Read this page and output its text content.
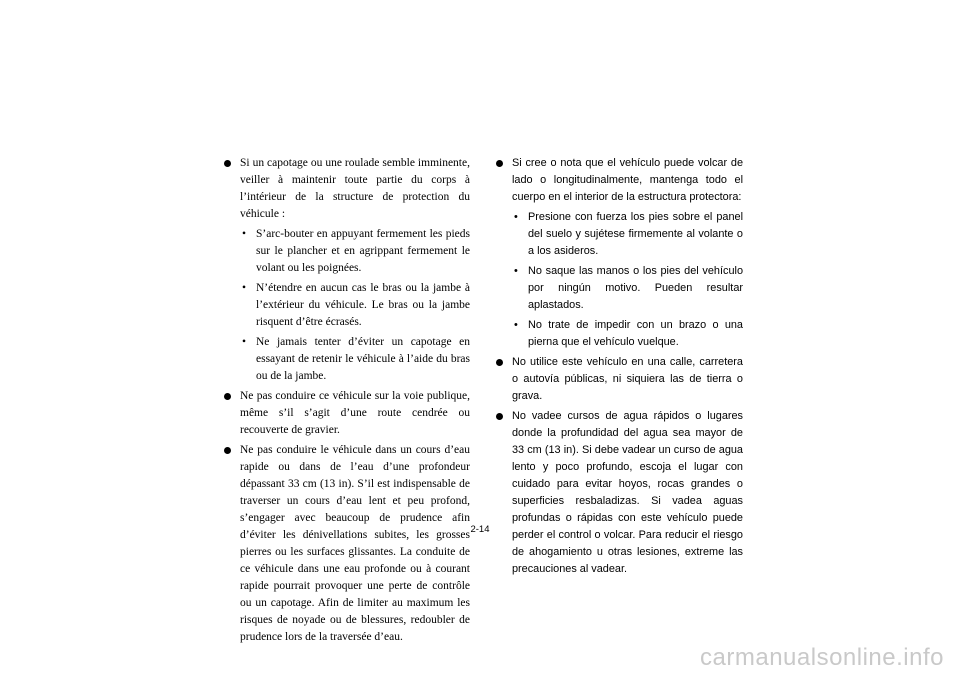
Si un capotage ou une roulade semble imminente, veiller à maintenir toute partie du corps à l’intérieur de la structure de protection du véhicule :
• S’arc-bouter en appuyant fermement les pieds sur le plancher et en agrippant fermement le volant ou les poignées.
• N’étendre en aucun cas le bras ou la jambe à l’extérieur du véhicule. Le bras ou la jambe risquent d’être écrasés.
• Ne jamais tenter d’éviter un capotage en essayant de retenir le véhicule à l’aide du bras ou de la jambe.
Ne pas conduire ce véhicule sur la voie publique, même s’il s’agit d’une route cendrée ou recouverte de gravier.
Ne pas conduire le véhicule dans un cours d’eau rapide ou dans de l’eau d’une profondeur dépassant 33 cm (13 in). S’il est indispensable de traverser un cours d’eau lent et peu profond, s’engager avec beaucoup de prudence afin d’éviter les dénivellations subites, les grosses pierres ou les surfaces glissantes. La conduite de ce véhicule dans une eau profonde ou à courant rapide pourrait provoquer une perte de contrôle ou un capotage. Afin de limiter au maximum les risques de noyade ou de blessures, redoubler de prudence lors de la traversée d’eau.
Si cree o nota que el vehículo puede volcar de lado o longitudinalmente, mantenga todo el cuerpo en el interior de la estructura protectora:
• Presione con fuerza los pies sobre el panel del suelo y sujétese firmemente al volante o a los asideros.
• No saque las manos o los pies del vehículo por ningún motivo. Pueden resultar aplastados.
• No trate de impedir con un brazo o una pierna que el vehículo vuelque.
No utilice este vehículo en una calle, carretera o autovía públicas, ni siquiera las de tierra o grava.
No vadee cursos de agua rápidos o lugares donde la profundidad del agua sea mayor de 33 cm (13 in). Si debe vadear un curso de agua lento y poco profundo, escoja el lugar con cuidado para evitar hoyos, rocas grandes o superficies resbaladizas. Si vadea aguas profundas o rápidas con este vehículo puede perder el control o volcar. Para reducir el riesgo de ahogamiento u otras lesiones, extreme las precauciones al vadear.
2-14
carmanualsonline.info
